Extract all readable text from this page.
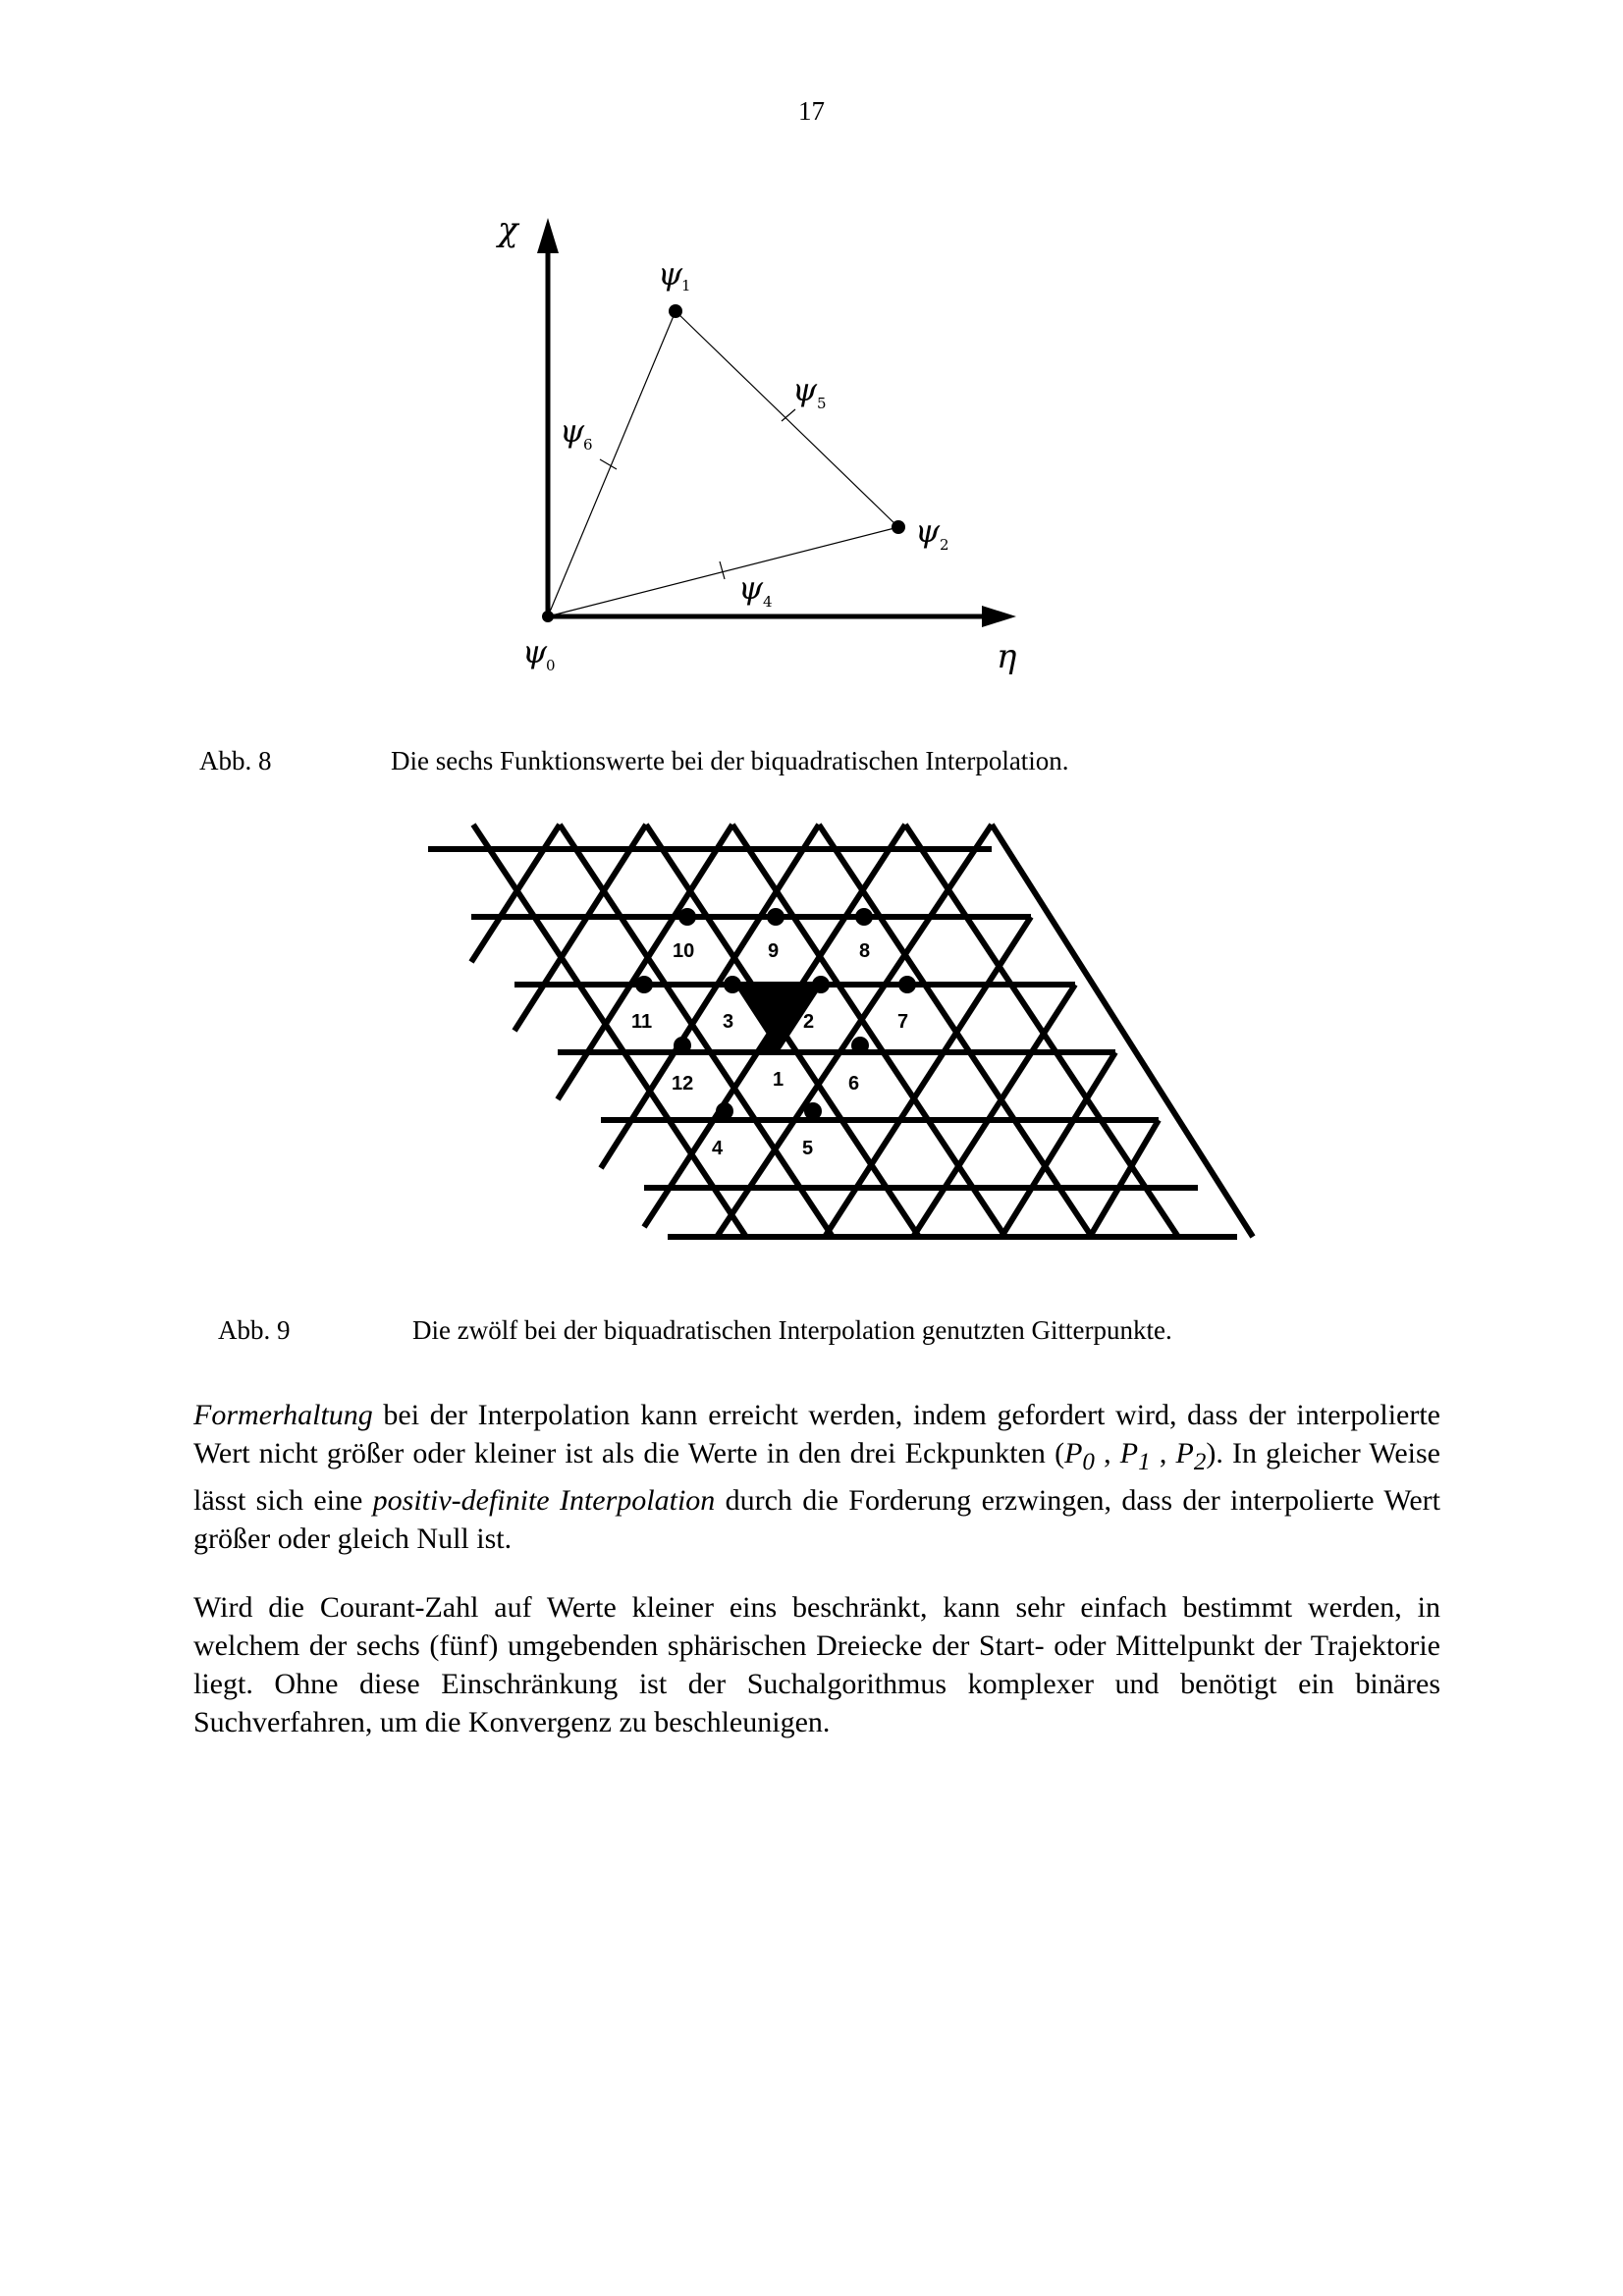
17
χ
η
ψ
1
ψ 5
ψ
6
ψ 2
ψ 4
ψ
0
Abb. 8	Die sechs Funktionswerte bei der biquadratischen Interpolation.
1
2
3
4	5
6
7
8
9
10
11
12
Abb. 9	Die zwölf bei der biquadratischen Interpolation genutzten Gitterpunkte.

Formerhaltung bei der Interpolation kann erreicht werden, indem gefordert wird, dass der interpolierte Wert nicht größer oder kleiner ist als die Werte in den drei Eckpunkten ($P_0$ , $P_1$ , $P_2$). In gleicher Weise lässt sich eine positiv-definite Interpolation durch die Forderung erzwingen, dass der interpolierte Wert größer oder gleich Null ist.

Wird die Courant-Zahl auf Werte kleiner eins beschränkt, kann sehr einfach bestimmt werden, in welchem der sechs (fünf) umgebenden sphärischen Dreiecke der Start- oder Mittelpunkt der Trajektorie liegt. Ohne diese Einschränkung ist der Suchalgorithmus komplexer und benötigt ein binäres Suchverfahren, um die Konvergenz zu beschleunigen.
